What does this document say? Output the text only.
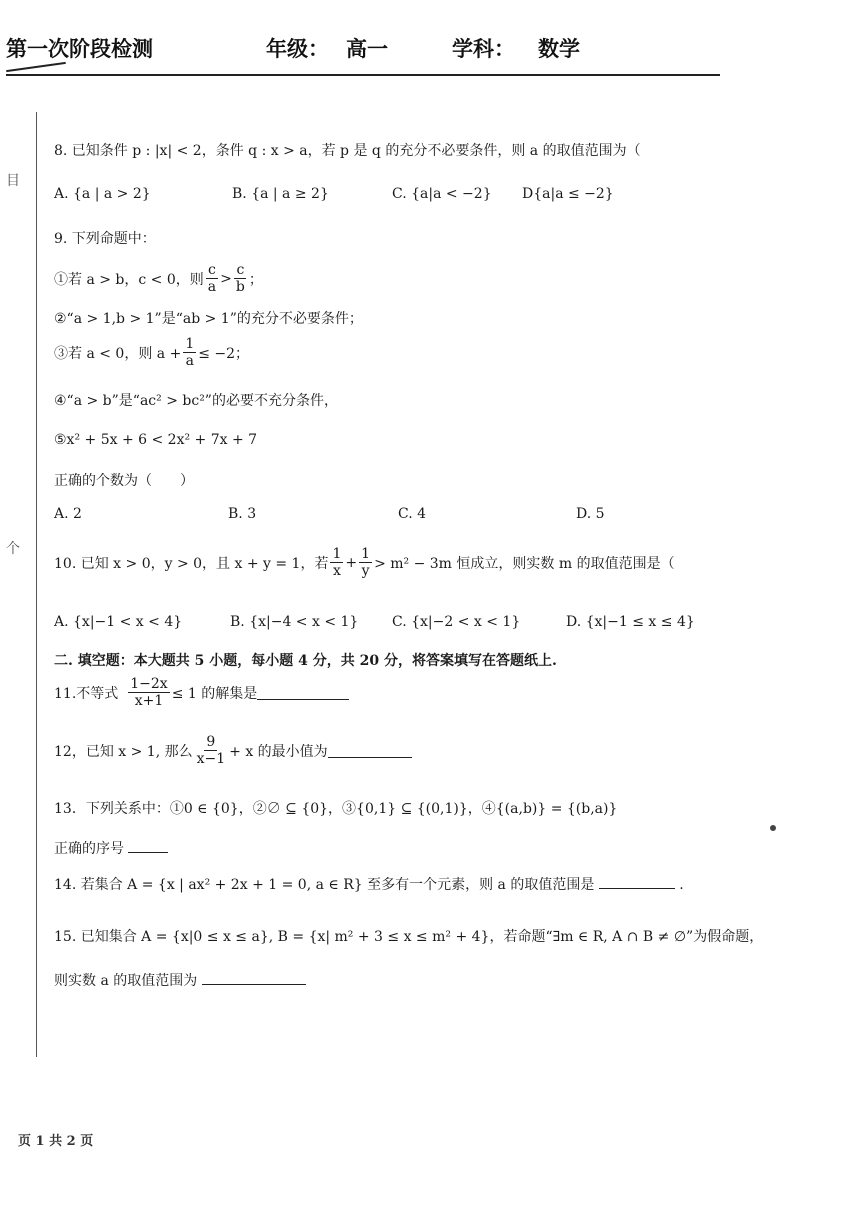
第一次阶段检测	年级： 高一	学科： 数学
目
个
8. 已知条件 p : |x| < 2，条件 q : x > a，若 p 是 q 的充分不必要条件，则 a 的取值范围为（
A. {a | a > 2}	B. {a | a ≥ 2}	C. {a|a < −2} D{a|a ≤ −2}
9. 下列命题中：
①若 a > b，c < 0，则 $\frac{c}{a} > \frac{c}{b}$ ；
②“a > 1,b > 1”是“ab > 1”的充分不必要条件；
③若 a < 0，则 $a + \frac{1}{a} \le -2$；
④“a > b”是“ac² > bc²”的必要不充分条件，
⑤x² + 5x + 6 < 2x² + 7x + 7
正确的个数为（　　）
A. 2	B. 3	C. 4	D. 5
10. 已知 x > 0，y > 0，且 x + y = 1，若 $\frac{1}{x} + \frac{1}{y} > m^2 - 3m$ 恒成立，则实数 m 的取值范围是（
A. {x|−1 < x < 4}	B. {x|−4 < x < 1} C. {x|−2 < x < 1}	D. {x|−1 ≤ x ≤ 4}
二. 填空题：本大题共 5 小题，每小题 4 分，共 20 分，将答案填写在答题纸上.
11.不等式 $\frac{1-2x}{x+1} \le 1$ 的解集是
12，已知 x > 1, 那么 $\frac{9}{x-1} + x$ 的最小值为
13．下列关系中：①0 ∈ {0}，②∅ ⊆ {0}，③{0,1} ⊆ {(0,1)}，④{(a,b)} = {(b,a)}
正确的序号
14. 若集合 A = {x | ax² + 2x + 1 = 0, a ∈ R} 至多有一个元素，则 a 的取值范围是	.
15. 已知集合 A = {x|0 ≤ x ≤ a}, B = {x| m² + 3 ≤ x ≤ m² + 4}，若命题“∃m ∈ R, A ∩ B ≠ ∅”为假命题，
则实数 a 的取值范围为
页 1 共 2 页
